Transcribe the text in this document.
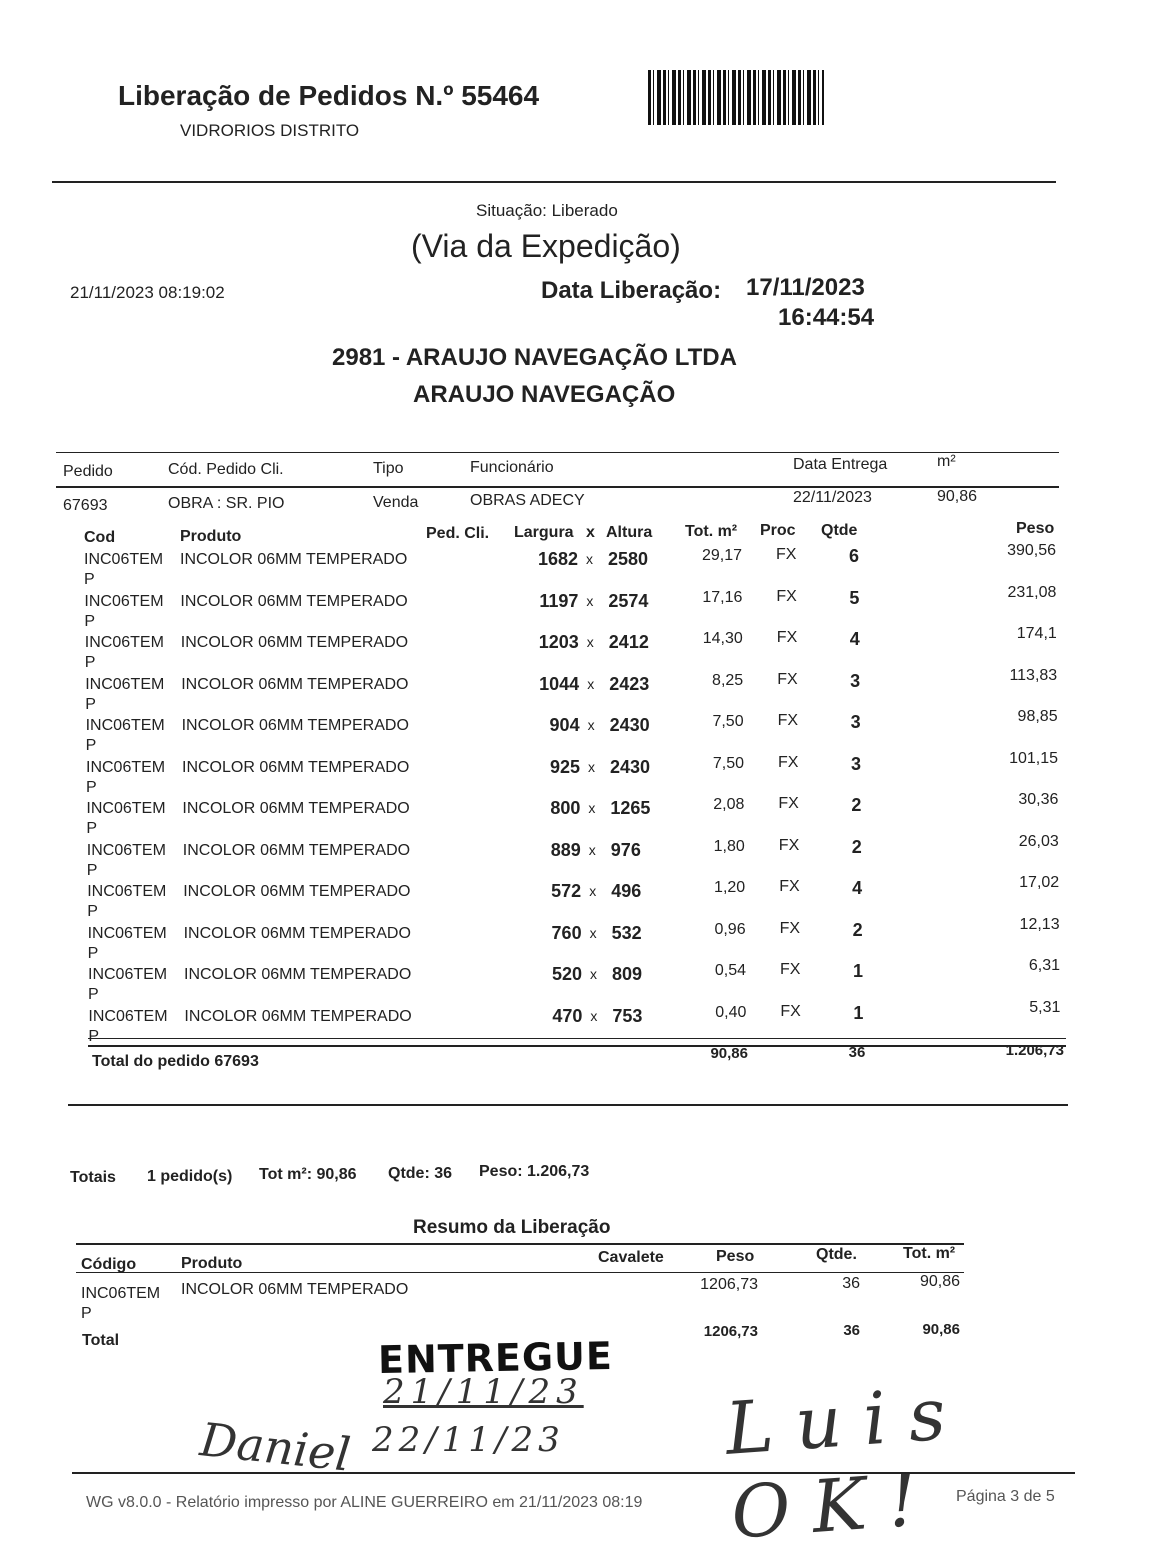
Liberação de Pedidos N.º 55464
VIDRORIOS DISTRITO
Situação: Liberado
(Via da Expedição)
21/11/2023 08:19:02	Data Liberação: 17/11/2023
16:44:54
2981 - ARAUJO NAVEGAÇÃO LTDA
ARAUJO NAVEGAÇÃO
Pedido	Cód. Pedido Cli.	Tipo	Funcionário	Data Entrega	m²
67693	OBRA : SR. PIO	Venda	OBRAS ADECY	22/11/2023	90,86
Cod	Produto	Ped. Cli. Largura x Altura Tot. m² Proc Qtde	Peso
INC06TEM
P
INCOLOR 06MM TEMPERADO	1682 x 2580	29,17 FX	6	390,56
INC06TEM
P
INCOLOR 06MM TEMPERADO	1197 x 2574	17,16 FX	5	231,08
INC06TEM
P
INCOLOR 06MM TEMPERADO	1203 x 2412	14,30 FX	4	174,1
INC06TEM
P
INCOLOR 06MM TEMPERADO	1044 x 2423	8,25 FX	3	113,83
INC06TEM
P
INCOLOR 06MM TEMPERADO	904 x 2430	7,50 FX	3	98,85
INC06TEM
P
INCOLOR 06MM TEMPERADO	925 x 2430	7,50 FX	3	101,15
INC06TEM
P
INCOLOR 06MM TEMPERADO	800 x 1265	2,08 FX	2	30,36
INC06TEM
P
INCOLOR 06MM TEMPERADO	889 x 976	1,80 FX	2	26,03
INC06TEM
P
INCOLOR 06MM TEMPERADO	572 x 496	1,20 FX	4	17,02
INC06TEM
P
INCOLOR 06MM TEMPERADO	760 x 532	0,96 FX	2	12,13
INC06TEM
P
INCOLOR 06MM TEMPERADO	520 x 809	0,54 FX	1	6,31
INC06TEM
P
INCOLOR 06MM TEMPERADO	470 x 753	0,40 FX	1	5,31
Total do pedido 67693	90,86	36	1.206,73
Totais 1 pedido(s) Tot m²: 90,86 Qtde: 36 Peso: 1.206,73
Resumo da Liberação
Código	Produto	Cavalete	Peso	Qtde.	Tot. m²
INC06TEM
P
INCOLOR 06MM TEMPERADO	1206,73	36	90,86
Total
1206,73	36	90,86
ENTREGUE
21/11/23
22/11/23
Daniel	Luis OK!
WG v8.0.0 - Relatório impresso por ALINE GUERREIRO em 21/11/2023 08:19	Página 3 de 5
